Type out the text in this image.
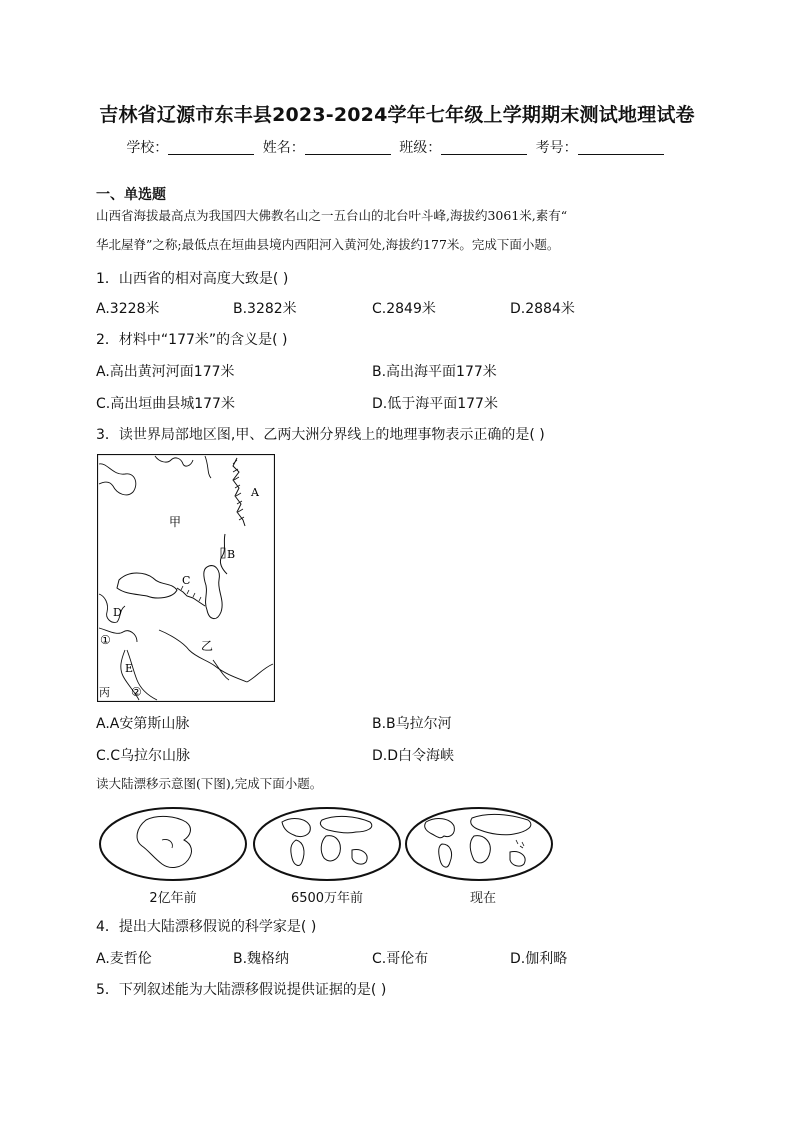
吉林省辽源市东丰县2023-2024学年七年级上学期期末测试地理试卷
学校：	姓名：	班级：	考号：
一、单选题
山西省海拔最高点为我国四大佛教名山之一五台山的北台叶斗峰,海拔约3061米,素有“
华北屋脊”之称;最低点在垣曲县境内西阳河入黄河处,海拔约177米。完成下面小题。
1．山西省的相对高度大致是( )
A.3228米	B.3282米	C.2849米	D.2884米
2．材料中“177米”的含义是( )
A.高出黄河河面177米	B.高出海平面177米
C.高出垣曲县城177米	D.低于海平面177米
3．读世界局部地区图,甲、乙两大洲分界线上的地理事物表示正确的是( )
A
B
C
D
E
甲
乙
丙
①
②
A.A安第斯山脉	B.B乌拉尔河
C.C乌拉尔山脉	D.D白令海峡
读大陆漂移示意图(下图),完成下面小题。
2亿年前	6500万年前	现在
4．提出大陆漂移假说的科学家是( )
A.麦哲伦	B.魏格纳	C.哥伦布	D.伽利略
5．下列叙述能为大陆漂移假说提供证据的是( )
